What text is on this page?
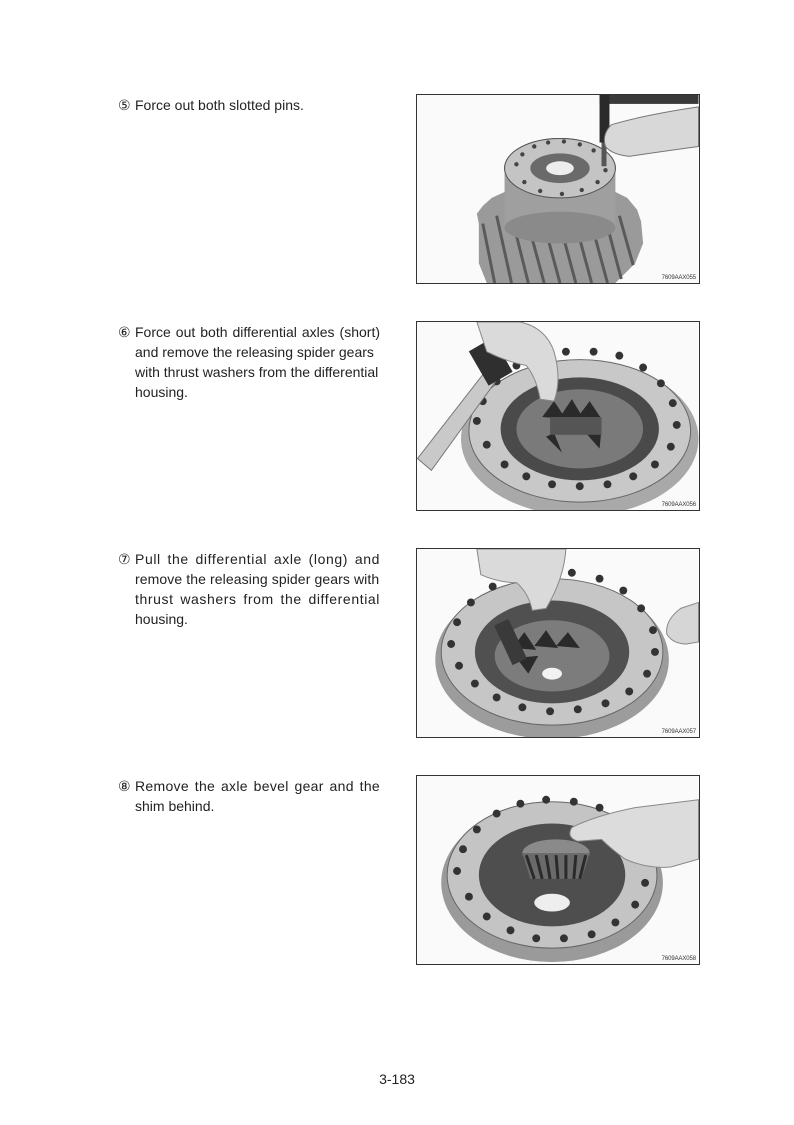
⑤ Force out both slotted pins.
7609AAX055
⑥ Force out both differential axles (short)
and remove the releasing spider gears
with thrust washers from the differential
housing.
7609AAX056
⑦ Pull the differential axle (long) and
remove the releasing spider gears with
thrust washers from the differential
housing.
7609AAX057
⑧ Remove the axle bevel gear and the
shim behind.
7609AAX058
3-183
